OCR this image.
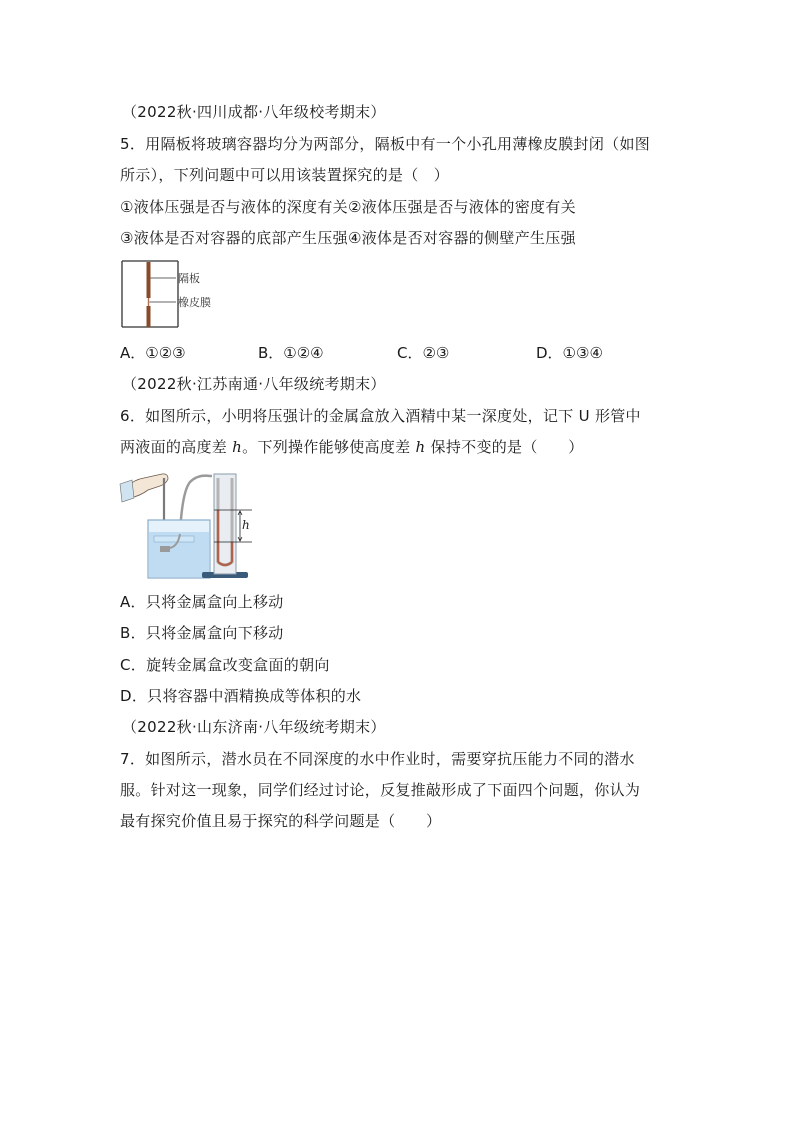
（2022秋·四川成都·八年级校考期末）
5．用隔板将玻璃容器均分为两部分，隔板中有一个小孔用薄橡皮膜封闭（如图
所示），下列问题中可以用该装置探究的是（　）
①液体压强是否与液体的深度有关②液体压强是否与液体的密度有关
③液体是否对容器的底部产生压强④液体是否对容器的侧壁产生压强
隔板
橡皮膜
A．①②③	B．①②④	C．②③	D．①③④
（2022秋·江苏南通·八年级统考期末）
6．如图所示，小明将压强计的金属盒放入酒精中某一深度处，记下 U 形管中
两液面的高度差 h。下列操作能够使高度差 h 保持不变的是（　　）
h
A．只将金属盒向上移动
B．只将金属盒向下移动
C．旋转金属盒改变盒面的朝向
D．只将容器中酒精换成等体积的水
（2022秋·山东济南·八年级统考期末）
7．如图所示，潜水员在不同深度的水中作业时，需要穿抗压能力不同的潜水
服。针对这一现象，同学们经过讨论，反复推敲形成了下面四个问题，你认为
最有探究价值且易于探究的科学问题是（　　）
